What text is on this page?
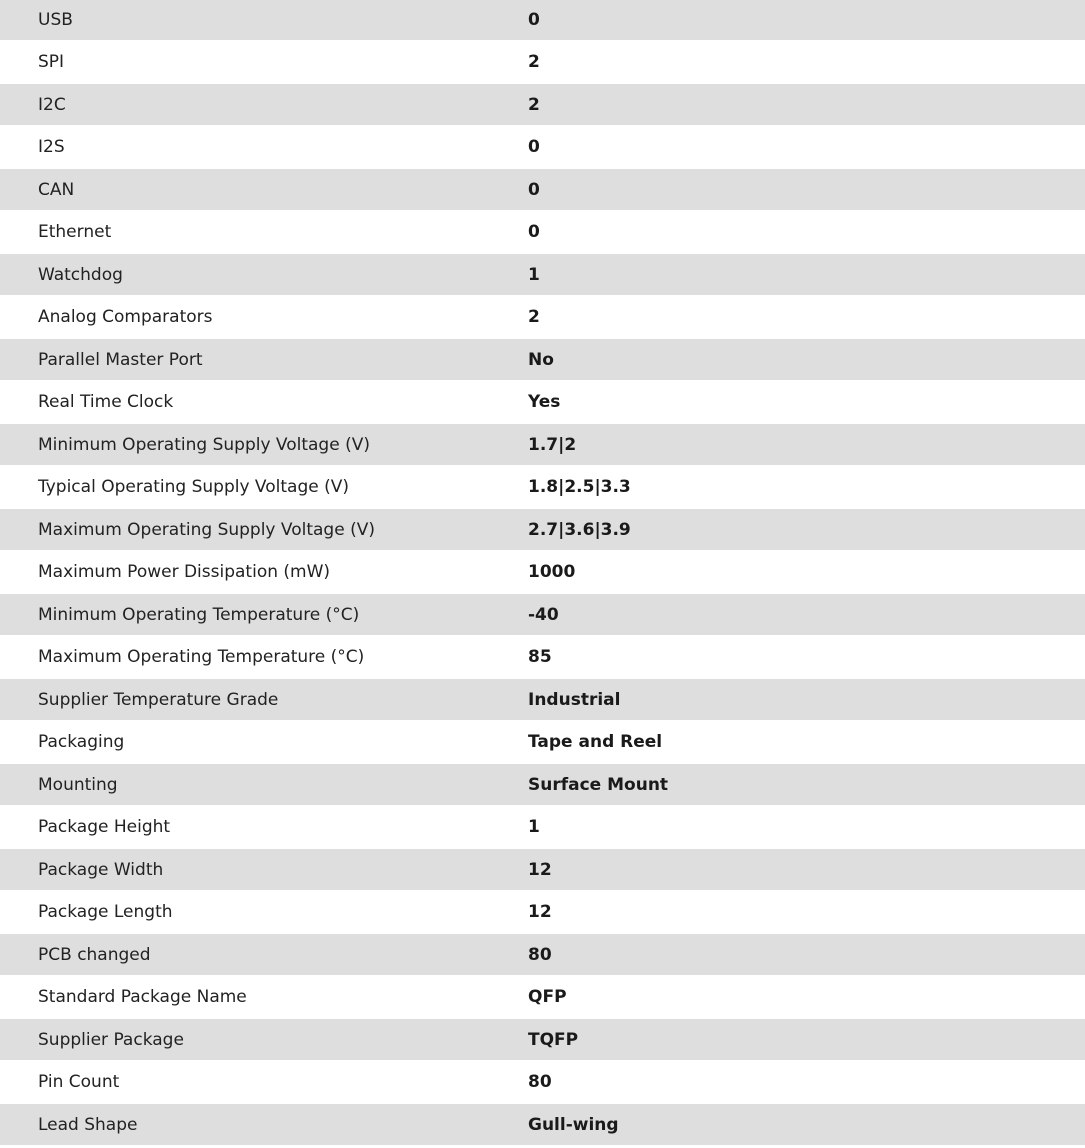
USB	0
SPI	2
I2C	2
I2S	0
CAN	0
Ethernet	0
Watchdog	1
Analog Comparators	2
Parallel Master Port	No
Real Time Clock	Yes
Minimum Operating Supply Voltage (V)	1.7|2
Typical Operating Supply Voltage (V)	1.8|2.5|3.3
Maximum Operating Supply Voltage (V)	2.7|3.6|3.9
Maximum Power Dissipation (mW)	1000
Minimum Operating Temperature (°C)	-40
Maximum Operating Temperature (°C)	85
Supplier Temperature Grade	Industrial
Packaging	Tape and Reel
Mounting	Surface Mount
Package Height	1
Package Width	12
Package Length	12
PCB changed	80
Standard Package Name	QFP
Supplier Package	TQFP
Pin Count	80
Lead Shape	Gull-wing
